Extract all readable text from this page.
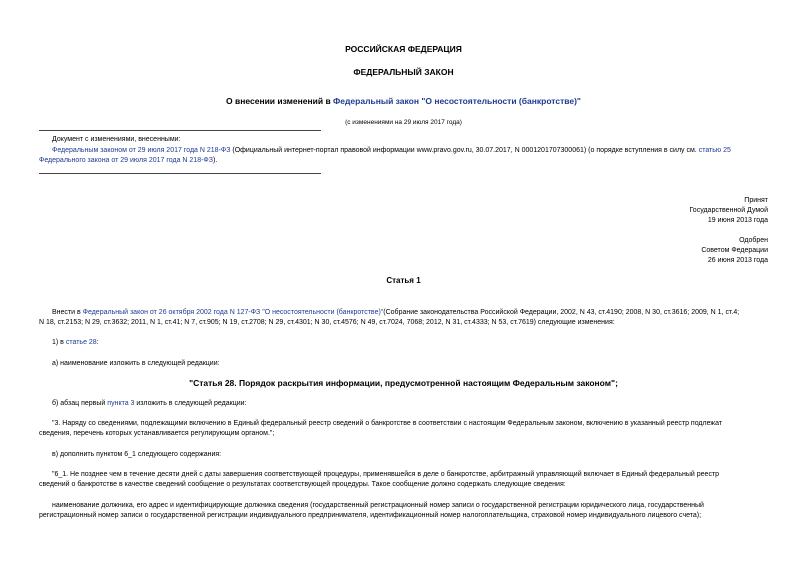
РОССИЙСКАЯ ФЕДЕРАЦИЯ
ФЕДЕРАЛЬНЫЙ ЗАКОН
О внесении изменений в Федеральный закон "О несостоятельности (банкротстве)"
(с изменениями на 29 июля 2017 года)
Документ с изменениями, внесенными:
Федеральным законом от 29 июля 2017 года N 218-ФЗ (Официальный интернет-портал правовой информации www.pravo.gov.ru, 30.07.2017, N 0001201707300061) (о порядке вступления в силу см. статью 25
Федерального закона от 29 июля 2017 года N 218-ФЗ).
Принят
Государственной Думой
19 июня 2013 года
Одобрен
Советом Федерации
26 июня 2013 года
Статья 1
Внести в Федеральный закон от 26 октября 2002 года N 127-ФЗ "О несостоятельности (банкротстве)"(Собрание законодательства Российской Федерации, 2002, N 43, ст.4190; 2008, N 30, ст.3616; 2009, N 1, ст.4;
N 18, ст.2153; N 29, ст.3632; 2011, N 1, ст.41; N 7, ст.905; N 19, ст.2708; N 29, ст.4301; N 30, ст.4576; N 49, ст.7024, 7068; 2012, N 31, ст.4333; N 53, ст.7619) следующие изменения:
1) в статье 28:
а) наименование изложить в следующей редакции:
"Статья 28. Порядок раскрытия информации, предусмотренной настоящим Федеральным законом";
б) абзац первый пункта 3 изложить в следующей редакции:
"3. Наряду со сведениями, подлежащими включению в Единый федеральный реестр сведений о банкротстве в соответствии с настоящим Федеральным законом, включению в указанный реестр подлежат
сведения, перечень которых устанавливается регулирующим органом.";
в) дополнить пунктом 6_1 следующего содержания:
"6_1. Не позднее чем в течение десяти дней с даты завершения соответствующей процедуры, применявшейся в деле о банкротстве, арбитражный управляющий включает в Единый федеральный реестр
сведений о банкротстве в качестве сведений сообщение о результатах соответствующей процедуры. Такое сообщение должно содержать следующие сведения:
наименование должника, его адрес и идентифицирующие должника сведения (государственный регистрационный номер записи о государственной регистрации юридического лица, государственный
регистрационный номер записи о государственной регистрации индивидуального предпринимателя, идентификационный номер налогоплательщика, страховой номер индивидуального лицевого счета);
